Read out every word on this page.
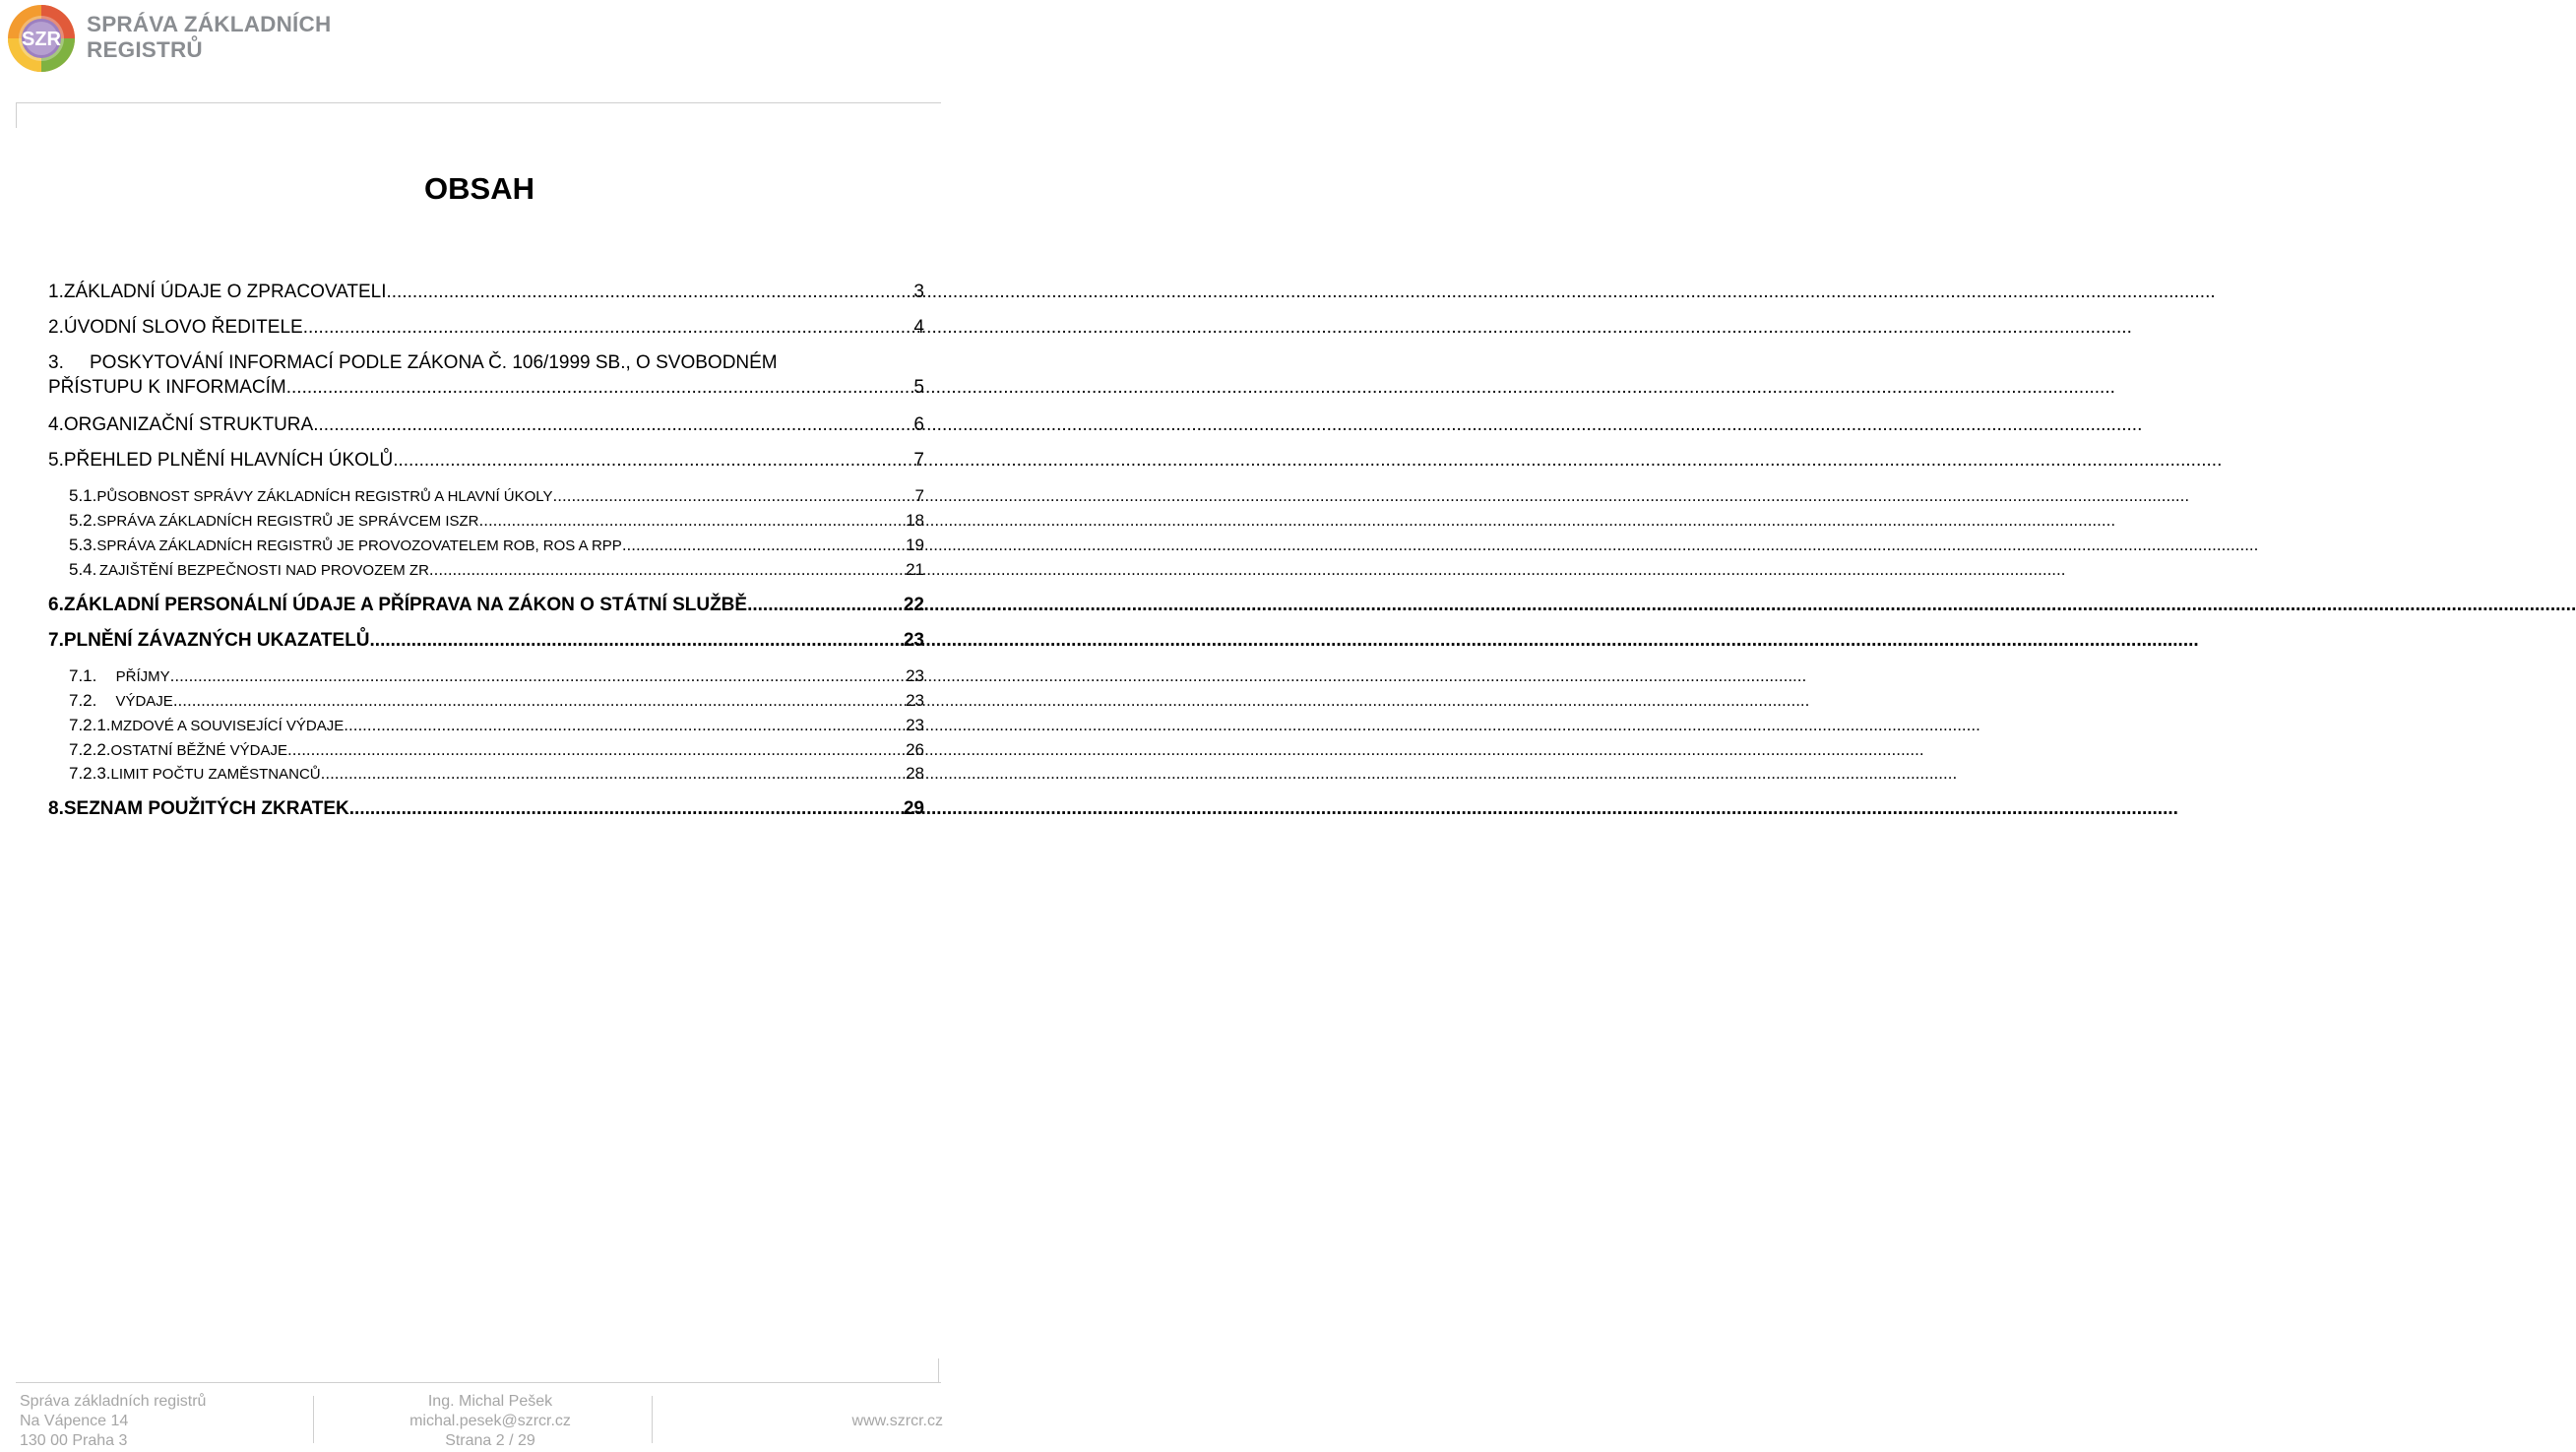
SZR
SPRÁVA ZÁKLADNÍCH
REGISTRŮ
OBSAH
1. ZÁKLADNÍ ÚDAJE O ZPRACOVATELI .....	3
2. ÚVODNÍ SLOVO ŘEDITELE .....	4
3.	POSKYTOVÁNÍ INFORMACÍ PODLE ZÁKONA Č. 106/1999 SB., O SVOBODNÉM
PŘÍSTUPU K INFORMACÍM .....	5
4. ORGANIZAČNÍ STRUKTURA .....	6
5. PŘEHLED PLNĚNÍ HLAVNÍCH ÚKOLŮ .....	7
5.1. PŮSOBNOST SPRÁVY ZÁKLADNÍCH REGISTRŮ A HLAVNÍ ÚKOLY .....	7
5.2. SPRÁVA ZÁKLADNÍCH REGISTRŮ JE SPRÁVCEM ISZR .....	18
5.3. SPRÁVA ZÁKLADNÍCH REGISTRŮ JE PROVOZOVATELEM ROB, ROS A RPP .....	19
5.4. ZAJIŠTĚNÍ BEZPEČNOSTI NAD PROVOZEM ZR .....	21
6. ZÁKLADNÍ PERSONÁLNÍ ÚDAJE A PŘÍPRAVA NA ZÁKON O STÁTNÍ SLUŽBĚ .....	22
7. PLNĚNÍ ZÁVAZNÝCH UKAZATELŮ .....	23
7.1.	PŘÍJMY .....	23
7.2.	VÝDAJE .....	23
7.2.1. MZDOVÉ A SOUVISEJÍCÍ VÝDAJE .....	23
7.2.2. OSTATNÍ BĚŽNÉ VÝDAJE .....	26
7.2.3. LIMIT POČTU ZAMĚSTNANCŮ .....	28
8. SEZNAM POUŽITÝCH ZKRATEK .....	29
Správa základních registrů
Na Vápence 14
130 00 Praha 3
Ing. Michal Pešek
michal.pesek@szrcr.cz
Strana 2 / 29

www.szrcr.cz
